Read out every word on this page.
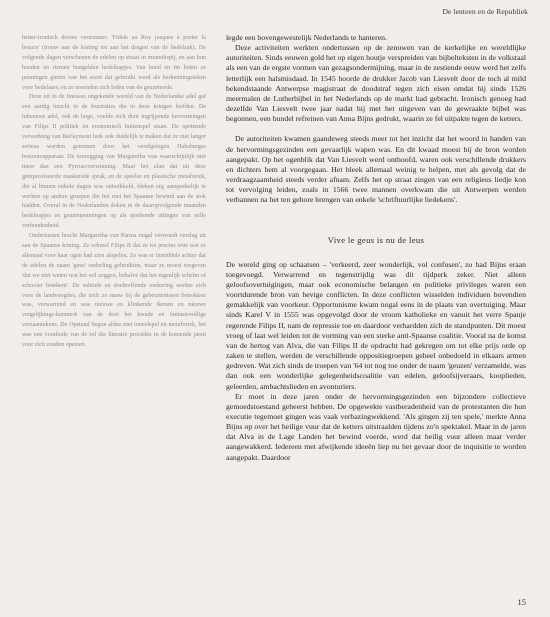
De lenteen en de Republiek

hetter-ironisch devies verzonnen: 'Fidele au Roy jusques à porter la besace' (trouw aan de koning tot aan het dragen van de bedelzak). De volgende dagen verschenen de edelen op straat in monnikspij, en aan hun hoeden en riemen bungelden bedelnapjes. Van hoed en tin lieten ze penningen gieten van het soort dat gebruikt werd als herkenningsteken voor bedelaars, en ze noemden zich leden van de geuzenorde.

Deze tot in de finesses ongekende wereld van de Nederlandse adel gaf een aardig inzicht in de frustraties die in deze kringen leefden. De inheemse adel, ook de hoge, voelde zich door ingrijpende hervormingen van Filips II politiek en economisch buitenspel staan. De spottende verwerking van Berlaymont leek ook duidelijk te maken dat ze niet langer serieus werden genomen door het verafgelegen Habsburgse bestuursapparaat. De toezegging van Margaretha was waarschijnlijk niet meer dan een Pyrrusoverwinning. Maar het elan dat uit deze gemproviseerde maskerade sprak, en de speelse en plastische metaforiek, die al binnen enkele dagen was ontwikkeld, bleken erg aansprekelijk te werken op andere groepen die het met het Spaanse bewind aan de stok hadden. Overal in de Nederlanden doken in de daaropvolgende maanden bedelnapjes en geuzenpenningen op als sprekende uitingen van stille verbondenheid.

Ondertussen bracht Margaretha van Parma nogal verwoedt verslag uit aan de Spaanse koning. Ze schreef Filips II dat ze tot precies wist wat ze allemaal voor haar ogen had zien afspelen. Ze was er inmiddels achter dat de edelen de naam 'geus' onderling gebruikten, maar ze moest toegeven 'dat we niet weten wat het wil zeggen, behalve dat het eigenlijk schelm of schooier betekent'. De subtiele en doeltreffende omkering werkte zich voor de landvoogdes, die toch zo nauw bij de gebeurtenissen betrokken was, verwarrend en was nieuwe en klinkende ikonen en nieuwe vergelijkings-kenmerk van de doet het kwade en fantasievollige verzaantekens. De Opstand begon aldus met toneelspel en metaforiek, het was een voorbode van de rol die literaire procédés in de komende jaren voor zich zouden opeisen.

legde een bovengewestelijk Nederlands te hanteren.

Deze activiteiten werkten ondertussen op de zenuwen van de kerkelijke en wereldlijke autoriteiten. Sinds eeuwen gold het op eigen houtje verspreiden van bijbelteksten in de volkstaal als een van de ergste vormen van gezagsondermijning, maar in de zestiende eeuw werd het zelfs letterlijk een halsmisdaad. In 1545 hoorde de drukker Jacob van Liesvelt door de toch al mild bekendstaande Antwerpse magistraat de doodstraf tegen zich eisen omdat hij sinds 1526 meermalen de Lutherbijbel in het Nederlands op de markt had gebracht. Ironisch genoeg had dezelfde Van Liesvelt twee jaar nadat hij met het uitgeven van de gewraakte bijbel was begonnen, een bundel refreinen van Anna Bijns gedrukt, waarin ze fel uitpakte tegen de ketters.

De autoriteiten kwamen gaandeweg steeds meer tot het inzicht dat het woord in handen van de hervormingsgezinden een gevaarlijk wapen was. En dit kwaad moest bij de bron worden aangepakt. Op het ogenblik dat Van Liesvelt werd onthoofd, waren ook verschillende drukkers en dichters hem al voorgegaan. Het bleek allemaal weinig te helpen, met als gevolg dat de verdraagzaamheid steeds verder afnam. Zelfs het op straat zingen van een religieus liedje kon tot vervolging leiden, zoals in 1566 twee mannen overkwam die uit Antwerpen werden verbannen na het ten gehore brengen van enkele 'schriftuurlijke liedekens'.

Vive le geus is nu de leus

De wereld ging op schaatsen – 'verkeerd, zeer wonderlijk, vol confusen', zo had Bijns eraan toegevoegd. Verwarrend en tegenstrijdig was dit tijdperk zeker. Niet alleen geloofsovertuigingen, maar ook economische belangen en politieke privileges waren een voortdurende bron van hevige conflicten. In deze conflicten wisselden individuen bovendien gemakkelijk van voorkeur. Opportunisme kwam nogal eens in de plaats van overtuiging. Maar sinds Karel V in 1555 was opgevolgd door de vroom katholieke en vanuit het verre Spanje regerende Filips II, nam de repressie toe en daardoor verhardden zich de standpunten. Dit moest vroeg of laat wel leiden tot de vorming van een sterke anti-Spaanse coalitie. Vooral na de komst van de hertog van Alva, die van Filips II de opdracht had gekregen om tot elke prijs orde op zaken te stellen, werden de verschillende oppositiegroepen geheel onbedoeld in elkaars armen gedreven. Wat zich sinds de troepen van '64 tot nog toe onder de naam 'geuzen' verzamelde, was dan ook een wonderlijke gelegenheidscoalitie van edelen, geloofsijveraars, kooplieden, geleerden, ambachtslieden en avonturiers.

Er moet in deze jaren onder de hervormingsgezinden een bijzondere collectieve gemoedstoestand geheerst hebben. De opgewekte vastberadenheid van de protestanten die hun executie tegemoet gingen was vaak verbazingwekkend. 'Als gingen zij ten spele,' merkte Anna Bijns op over het heilige vuur dat de ketters uitstraalden tijdens zo'n spektakel. Maar in de jaren dat Alva in de Lage Landen het bewind voerde, werd dat heilig vuur alleen maar verder aangewakkerd. Iedereen met afwijkende ideeën liep nu het gevaar door de inquisitie te worden aangepakt. Daardoor

15
